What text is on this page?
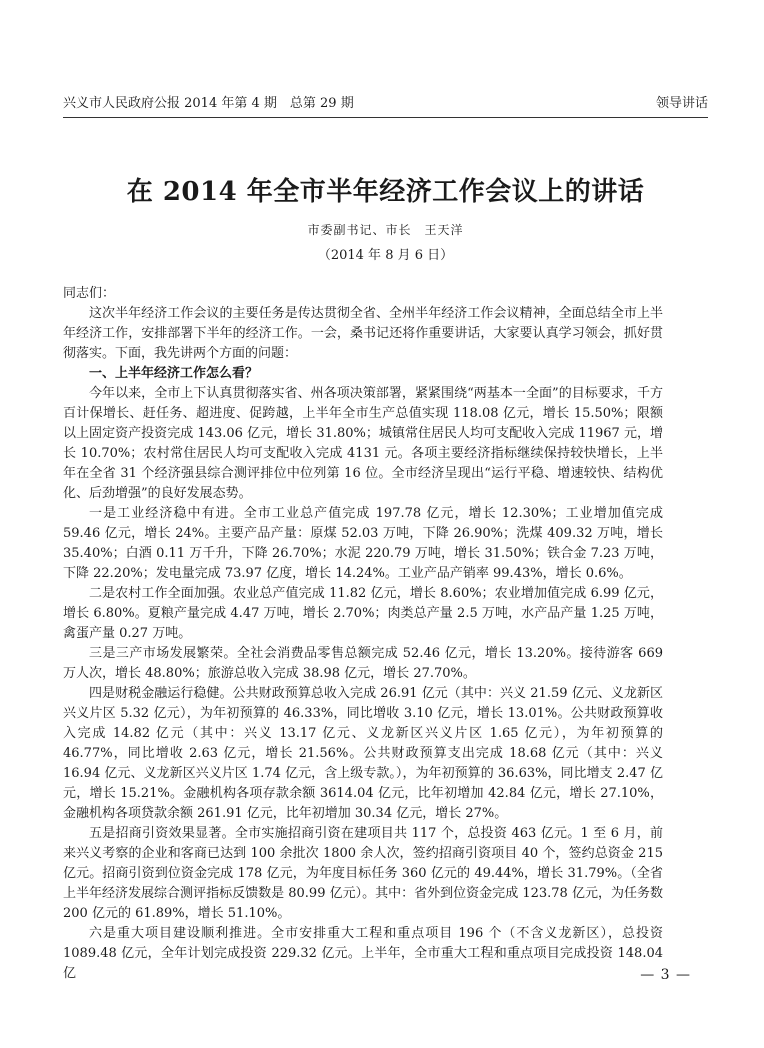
兴义市人民政府公报 2014 年第 4 期　总第 29 期	领导讲话
在 2014 年全市半年经济工作会议上的讲话
市委副书记、市长　王天洋
（2014 年 8 月 6 日）

同志们：

这次半年经济工作会议的主要任务是传达贯彻全省、全州半年经济工作会议精神，全面总结全市上半年经济工作，安排部署下半年的经济工作。一会，桑书记还将作重要讲话，大家要认真学习领会，抓好贯彻落实。下面，我先讲两个方面的问题：

一、上半年经济工作怎么看？

今年以来，全市上下认真贯彻落实省、州各项决策部署，紧紧围绕“两基本一全面”的目标要求，千方百计保增长、赶任务、超进度、促跨越，上半年全市生产总值实现 118.08 亿元，增长 15.50%；限额以上固定资产投资完成 143.06 亿元，增长 31.80%；城镇常住居民人均可支配收入完成 11967 元，增长 10.70%；农村常住居民人均可支配收入完成 4131 元。各项主要经济指标继续保持较快增长，上半年在全省 31 个经济强县综合测评排位中位列第 16 位。全市经济呈现出“运行平稳、增速较快、结构优化、后劲增强”的良好发展态势。

一是工业经济稳中有进。全市工业总产值完成 197.78 亿元，增长 12.30%；工业增加值完成 59.46 亿元，增长 24%。主要产品产量：原煤 52.03 万吨，下降 26.90%；洗煤 409.32 万吨，增长 35.40%；白酒 0.11 万千升，下降 26.70%；水泥 220.79 万吨，增长 31.50%；铁合金 7.23 万吨，下降 22.20%；发电量完成 73.97 亿度，增长 14.24%。工业产品产销率 99.43%，增长 0.6%。

二是农村工作全面加强。农业总产值完成 11.82 亿元，增长 8.60%；农业增加值完成 6.99 亿元，增长 6.80%。夏粮产量完成 4.47 万吨，增长 2.70%；肉类总产量 2.5 万吨，水产品产量 1.25 万吨，禽蛋产量 0.27 万吨。

三是三产市场发展繁荣。全社会消费品零售总额完成 52.46 亿元，增长 13.20%。接待游客 669 万人次，增长 48.80%；旅游总收入完成 38.98 亿元，增长 27.70%。

四是财税金融运行稳健。公共财政预算总收入完成 26.91 亿元（其中：兴义 21.59 亿元、义龙新区兴义片区 5.32 亿元），为年初预算的 46.33%，同比增收 3.10 亿元，增长 13.01%。公共财政预算收入完成 14.82 亿元（其中：兴义 13.17 亿元、义龙新区兴义片区 1.65 亿元），为年初预算的 46.77%，同比增收 2.63 亿元，增长 21.56%。公共财政预算支出完成 18.68 亿元（其中：兴义 16.94 亿元、义龙新区兴义片区 1.74 亿元，含上级专款。），为年初预算的 36.63%，同比增支 2.47 亿元，增长 15.21%。金融机构各项存款余额 3614.04 亿元，比年初增加 42.84 亿元，增长 27.10%，金融机构各项贷款余额 261.91 亿元，比年初增加 30.34 亿元，增长 27%。

五是招商引资效果显著。全市实施招商引资在建项目共 117 个，总投资 463 亿元。1 至 6 月，前来兴义考察的企业和客商已达到 100 余批次 1800 余人次，签约招商引资项目 40 个，签约总资金 215 亿元。招商引资到位资金完成 178 亿元，为年度目标任务 360 亿元的 49.44%，增长 31.79%。（全省上半年经济发展综合测评指标反馈数是 80.99 亿元）。其中：省外到位资金完成 123.78 亿元，为任务数 200 亿元的 61.89%，增长 51.10%。

六是重大项目建设顺利推进。全市安排重大工程和重点项目 196 个（不含义龙新区），总投资 1089.48 亿元，全年计划完成投资 229.32 亿元。上半年，全市重大工程和重点项目完成投资 148.04 亿	— 3 —
